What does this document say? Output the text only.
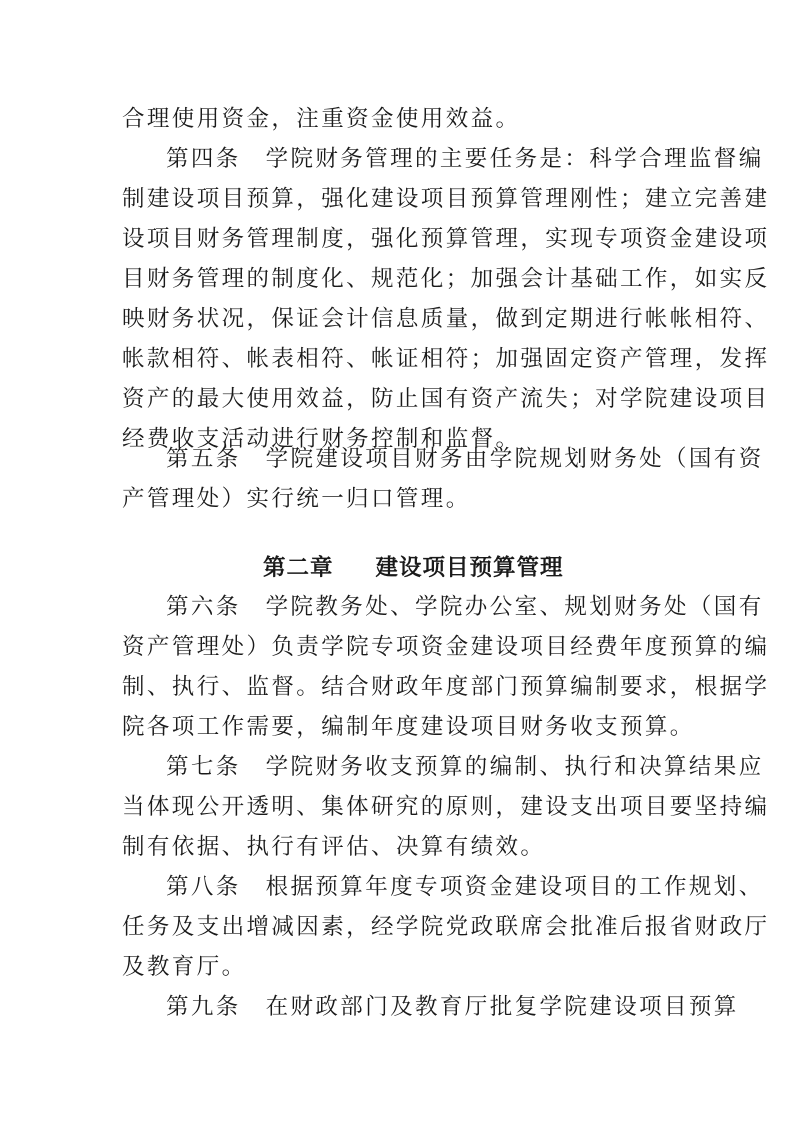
合理使用资金，注重资金使用效益。
第四条　学院财务管理的主要任务是：科学合理监督编
制建设项目预算，强化建设项目预算管理刚性；建立完善建
设项目财务管理制度，强化预算管理，实现专项资金建设项
目财务管理的制度化、规范化；加强会计基础工作，如实反
映财务状况，保证会计信息质量，做到定期进行帐帐相符、
帐款相符、帐表相符、帐证相符；加强固定资产管理，发挥
资产的最大使用效益，防止国有资产流失；对学院建设项目
经费收支活动进行财务控制和监督。
第五条　学院建设项目财务由学院规划财务处（国有资
产管理处）实行统一归口管理。
第二章 建设项目预算管理
第六条　学院教务处、学院办公室、规划财务处（国有
资产管理处）负责学院专项资金建设项目经费年度预算的编
制、执行、监督。结合财政年度部门预算编制要求，根据学
院各项工作需要，编制年度建设项目财务收支预算。
第七条　学院财务收支预算的编制、执行和决算结果应
当体现公开透明、集体研究的原则，建设支出项目要坚持编
制有依据、执行有评估、决算有绩效。
第八条　根据预算年度专项资金建设项目的工作规划、
任务及支出增减因素，经学院党政联席会批准后报省财政厅
及教育厅。
第九条　在财政部门及教育厅批复学院建设项目预算
